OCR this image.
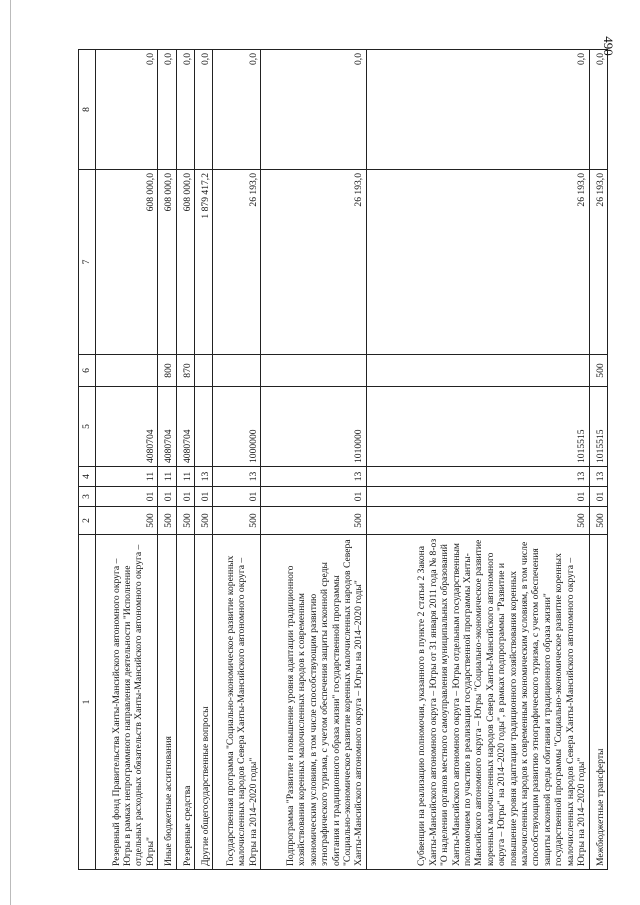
490
1	2	3	4	5	6	7	8
Резервный фонд Правительства Ханты-Мансийского автономного округа – Югры в рамках непрограммного направления деятельности "Исполнение отдельных расходных обязательств Ханты-Мансийского автономного округа – Югры"	500	01	11	4080704		608 000,0	0,0
Иные бюджетные ассигнования	500	01	11	4080704	800	608 000,0	0,0
Резервные средства	500	01	11	4080704	870	608 000,0	0,0
Другие общегосударственные вопросы	500	01	13			1 879 417,2	0,0
Государственная программа "Социально-экономическое развитие коренных малочисленных народов Севера Ханты-Мансийского автономного округа – Югры на 2014–2020 годы"	500	01	13	1000000		26 193,0	0,0
Подпрограмма "Развитие и повышение уровня адаптации традиционного хозяйствования коренных малочисленных народов к современным экономическим условиям, в том числе способствующим развитию этнографического туризма, с учетом обеспечения защиты исконной среды обитания и традиционного образа жизни" государственной программы "Социально-экономическое развитие коренных малочисленных народов Севера Ханты-Мансийского автономного округа – Югры на 2014–2020 годы"	500	01	13	1010000		26 193,0	0,0
Субвенции на реализацию полномочия, указанного в пункте 2 статьи 2 Закона Ханты-Мансийского автономного округа – Югры от 31 января 2011 года № 8-оз "О наделении органов местного самоуправления муниципальных образований Ханты-Мансийского автономного округа – Югры отдельным государственным полномочием по участию в реализации государственной программы Ханты-Мансийского автономного округа – Югры "Социально-экономическое развитие коренных малочисленных народов Севера Ханты-Мансийского автономного округа – Югры" на 2014–2020 годы", в рамках подпрограммы "Развитие и повышение уровня адаптации традиционного хозяйствования коренных малочисленных народов к современным экономическим условиям, в том числе способствующим развитию этнографического туризма, с учетом обеспечения защиты исконной среды обитания и традиционного образа жизни" государственной программы "Социально-экономическое развитие коренных малочисленных народов Севера Ханты-Мансийского автономного округа – Югры на 2014–2020 годы"	500	01	13	1015515		26 193,0	0,0
Межбюджетные трансферты	500	01	13	1015515	500	26 193,0	0,0
